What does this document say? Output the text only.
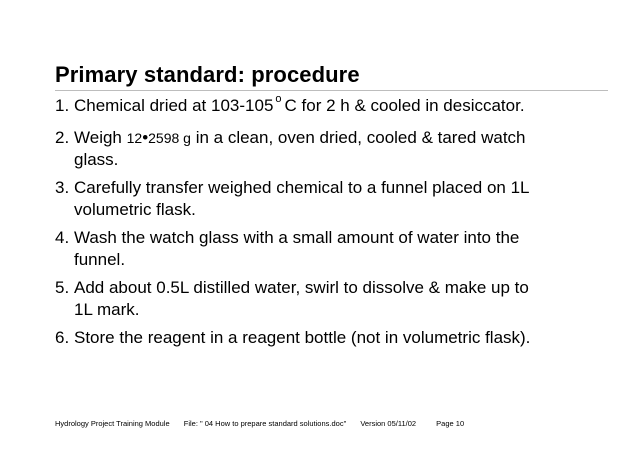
Primary standard: procedure
1. Chemical dried at 103-105 $^o$ C for 2 h & cooled in desiccator.
2. Weigh 12•2598 g in a clean, oven dried, cooled & tared watch
glass.
3. Carefully transfer weighed chemical to a funnel placed on 1L
volumetric flask.
4. Wash the watch glass with a small amount of water into the
funnel.
5. Add about 0.5L distilled water, swirl to dissolve & make up to
1L mark.
6. Store the reagent in a reagent bottle (not in volumetric flask).
Hydrology Project Training Module File: " 04 How to prepare standard solutions.doc" Version 05/11/02	Page 10
